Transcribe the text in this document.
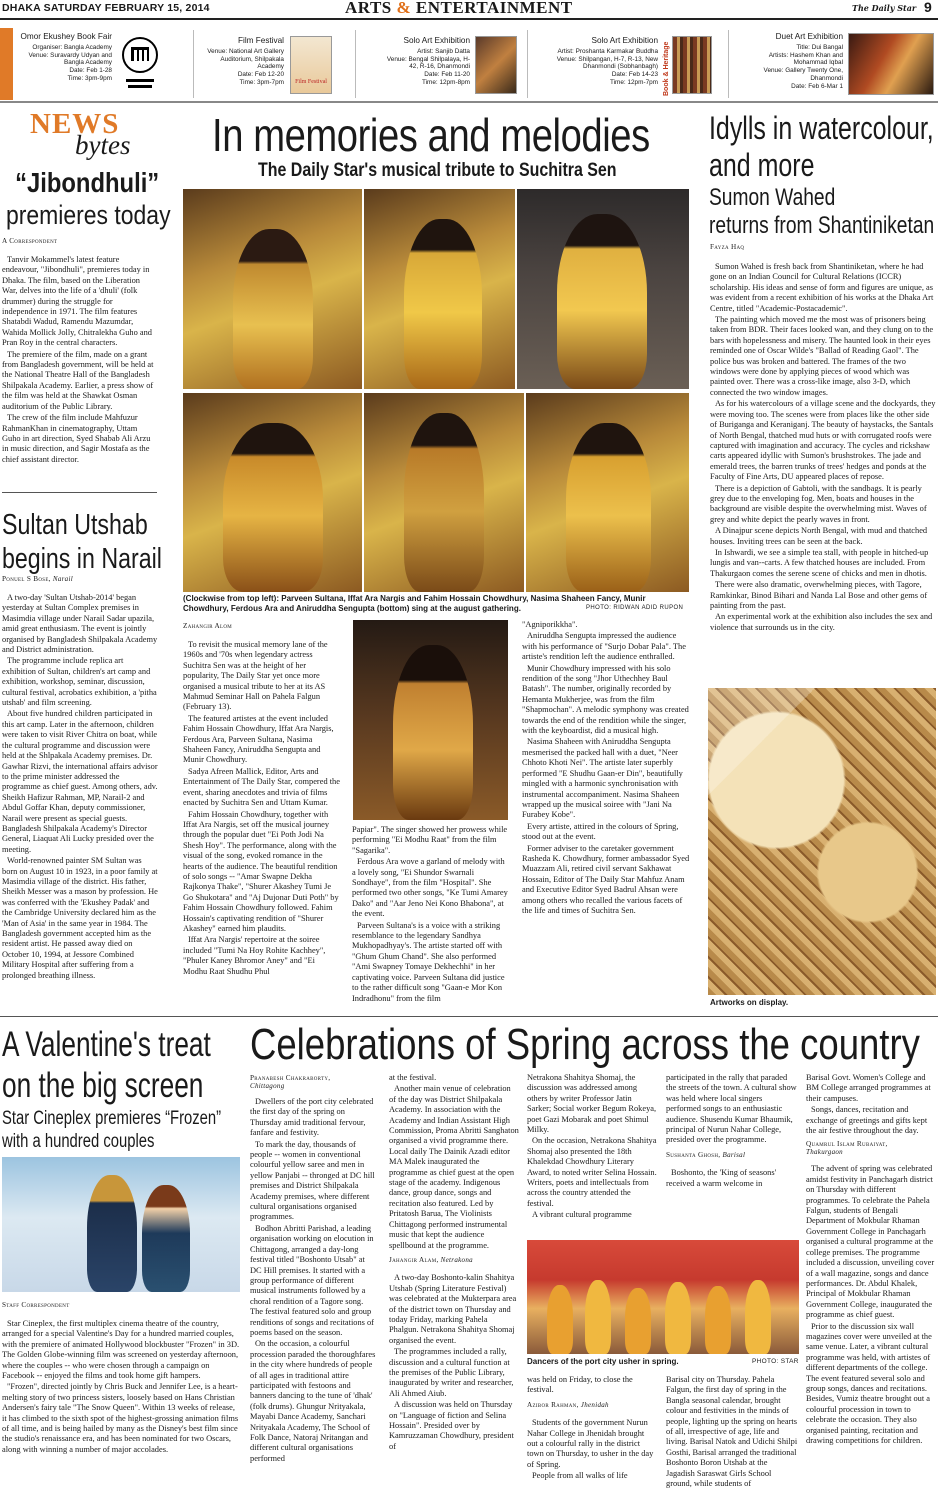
DHAKA SATURDAY FEBRUARY 15, 2014	ARTS & ENTERTAINMENT	The Daily Star 9
WHAT'S ON
Omor Ekushey Book Fair
Organiser: Bangla Academy
Venue: Suravardy Udyan and
Bangla Academy
Date: Feb 1-28
Time: 3pm-9pm
Film Festival
Venue: National Art Gallery
Auditorium, Shilpakala
Academy
Date: Feb 12-20
Time: 3pm-7pm	Film Festival
Solo Art Exhibition
Artist: Sanjib Datta
Venue: Bengal Shilpalaya, H-
42, R-16, Dhanmondi
Date: Feb 11-20
Time: 12pm-8pm
Solo Art Exhibition
Artist: Proshanta Karmakar Buddha
Venue: Shilpangan, H-7, R-13, New
Dhanmondi (Sobhanbagh)
Date: Feb 14-23
Time: 12pm-7pm Book & Heritage
Duet Art Exhibition
Title: Dui Bangal
Artists: Hashem Khan and
Mohammad Iqbal
Venue: Gallery Twenty One,
Dhanmondi
Date: Feb 6-Mar 1
NEWS
bytes
“Jibondhuli”
premieres today
A Correspondent

Tanvir Mokammel's latest feature endeavour, "Jibondhuli", premieres today in Dhaka. The film, based on the Liberation War, delves into the life of a 'dhuli' (folk drummer) during the struggle for independence in 1971. The film features Shatabdi Wadud, Ramendu Mazumdar, Wahida Mollick Jolly, Chitralekha Guho and Pran Roy in the central characters.

The premiere of the film, made on a grant from Bangladesh government, will be held at the National Theatre Hall of the Bangladesh Shilpakala Academy. Earlier, a press show of the film was held at the Shawkat Osman auditorium of the Public Library.

The crew of the film include Mahfuzur RahmanKhan in cinematography, Uttam Guho in art direction, Syed Shabab Ali Arzu in music direction, and Sagir Mostafa as the chief assistant director.

Sultan Utshab
begins in Narail
Ponuel S Bose, Narail

A two-day 'Sultan Utshab-2014' began yesterday at Sultan Complex premises in Masimdia village under Narail Sadar upazila, amid great enthusiasm. The event is jointly organised by Bangladesh Shilpakala Academy and District administration.

The programme include replica art exhibition of Sultan, children's art camp and exhibition, workshop, seminar, discussion, cultural festival, acrobatics exhibition, a 'pitha utshab' and film screening.

About five hundred children participated in this art camp. Later in the afternoon, children were taken to visit River Chitra on boat, while the cultural programme and discussion were held at the Shlpakala Academy premises. Dr. Gawhar Rizvi, the international affairs advisor to the prime minister addressed the programme as chief guest. Among others, adv. Sheikh Hafizur Rahman, MP, Narail-2 and Abdul Goffar Khan, deputy commissioner, Narail were present as special guests. Bangladesh Shilpakala Academy's Director General, Liaquat Ali Lucky presided over the meeting.

World-renowned painter SM Sultan was born on August 10 in 1923, in a poor family at Masimdia village of the district. His father, Sheikh Messer was a mason by profession. He was conferred with the 'Ekushey Padak' and the Cambridge University declared him as the 'Man of Asia' in the same year in 1984. The Bangladesh government accepted him as the resident artist. He passed away died on October 10, 1994, at Jessore Combined Military Hospital after suffering from a prolonged breathing illness.

In memories and melodies
The Daily Star's musical tribute to Suchitra Sen
(Clockwise from top left): Parveen Sultana, Iffat Ara Nargis and Fahim Hossain Chowdhury, Nasima Shaheen Fancy, Munir Chowdhury, Ferdous Ara and Aniruddha Sengupta (bottom) sing at the august gathering.	PHOTO: RIDWAN ADID RUPON
Zahangir Alom

To revisit the musical memory lane of the 1960s and '70s when legendary actress Suchitra Sen was at the height of her popularity, The Daily Star yet once more organised a musical tribute to her at its AS Mahmud Seminar Hall on Pahela Falgun (February 13).

The featured artistes at the event included Fahim Hossain Chowdhury, Iffat Ara Nargis, Ferdous Ara, Parveen Sultana, Nasima Shaheen Fancy, Aniruddha Sengupta and Munir Chowdhury.

Sadya Afreen Mallick, Editor, Arts and Entertainment of The Daily Star, compered the event, sharing anecdotes and trivia of films enacted by Suchitra Sen and Uttam Kumar.

Fahim Hossain Chowdhury, together with Iffat Ara Nargis, set off the musical journey through the popular duet "Ei Poth Jodi Na Shesh Hoy". The performance, along with the visual of the song, evoked romance in the hearts of the audience. The beautiful rendition of solo songs -- "Amar Swapne Dekha Rajkonya Thake", "Shurer Akashey Tumi Je Go Shukotara" and "Aj Dujonar Duti Poth" by Fahim Hossain Chowdhury followed. Fahim Hossain's captivating rendition of "Shurer Akashey" earned him plaudits.

Iffat Ara Nargis' repertoire at the soiree included "Tumi Na Hoy Rohite Kachhey", "Phuler Kaney Bhromor Aney" and "Ei Modhu Raat Shudhu Phul

Papiar". The singer showed her prowess while performing "Ei Modhu Raat" from the film "Sagarika".

Ferdous Ara wove a garland of melody with a lovely song, "Ei Shundor Swarnali Sondhaye", from the film "Hospital". She performed two other songs, "Ke Tumi Amarey Dako" and "Aar Jeno Nei Kono Bhabona", at the event.

Parveen Sultana's is a voice with a striking resemblance to the legendary Sandhya Mukhopadhyay's. The artiste started off with "Ghum Ghum Chand". She also performed "Ami Swapney Tomaye Dekhechhi" in her captivating voice. Parveen Sultana did justice to the rather difficult song "Gaan-e Mor Kon Indradhonu" from the film

"Agniporikkha".

Aniruddha Sengupta impressed the audience with his performance of "Surjo Dobar Pala". The artiste's rendition left the audience enthralled.

Munir Chowdhury impressed with his solo rendition of the song "Jhor Uthechhey Baul Batash". The number, originally recorded by Hemanta Mukherjee, was from the film "Shapmochan". A melodic symphony was created towards the end of the rendition while the singer, with the keyboardist, did a musical high.

Nasima Shaheen with Aniruddha Sengupta mesmerised the packed hall with a duet, "Neer Chhoto Khoti Nei". The artiste later superbly performed "E Shudhu Gaan-er Din", beautifully mingled with a harmonic synchronisation with instrumental accompaniment. Nasima Shaheen wrapped up the musical soiree with "Jani Na Furabey Kobe".

Every artiste, attired in the colours of Spring, stood out at the event.

Former adviser to the caretaker government Rasheda K. Chowdhury, former ambassador Syed Muazzam Ali, retired civil servant Sakhawat Hossain, Editor of The Daily Star Mahfuz Anam and Executive Editor Syed Badrul Ahsan were among others who recalled the various facets of the life and times of Suchitra Sen.

Idylls in watercolour,
and more
Sumon Wahed
returns from Shantiniketan
Fayza Haq

Sumon Wahed is fresh back from Shantiniketan, where he had gone on an Indian Council for Cultural Relations (ICCR) scholarship. His ideas and sense of form and figures are unique, as was evident from a recent exhibition of his works at the Dhaka Art Centre, titled "Academic-Postacademic".

The painting which moved me the most was of prisoners being taken from BDR. Their faces looked wan, and they clung on to the bars with hopelessness and misery. The haunted look in their eyes reminded one of Oscar Wilde's "Ballad of Reading Gaol". The police bus was broken and battered. The frames of the two windows were done by applying pieces of wood which was painted over. There was a cross-like image, also 3-D, which connected the two window images.

As for his watercolours of a village scene and the dockyards, they were moving too. The scenes were from places like the other side of Buriganga and Keraniganj. The beauty of haystacks, the Santals of North Bengal, thatched mud huts or with corrugated roofs were captured with imagination and accuracy. The cycles and rickshaw carts appeared idyllic with Sumon's brushstrokes. The jade and emerald trees, the barren trunks of trees' hedges and ponds at the Faculty of Fine Arts, DU appeared places of repose.

There is a depiction of Gabtoli, with the sandbags. It is pearly grey due to the enveloping fog. Men, boats and houses in the background are visible despite the overwhelming mist. Waves of grey and white depict the pearly waves in front.

A Dinajpur scene depicts North Bengal, with mud and thatched houses. Inviting trees can be seen at the back.

In Ishwardi, we see a simple tea stall, with people in hitched-up lungis and van--carts. A few thatched houses are included. From Thakurgaon comes the serene scene of chicks and men in dhotis.

There were also dramatic, overwhelming pieces, with Tagore, Ramkinkar, Binod Bihari and Nanda Lal Bose and other gems of painting from the past.

An experimental work at the exhibition also includes the sex and violence that surrounds us in the city.

Artworks on display.
A Valentine's treat
on the big screen
Star Cineplex premieres “Frozen”
with a hundred couples
Staff Correspondent

Star Cineplex, the first multiplex cinema theatre of the country, arranged for a special Valentine's Day for a hundred married couples, with the premiere of animated Hollywood blockbuster "Frozen" in 3D. The Golden Globe-winning film was screened on yesterday afternoon, where the couples -- who were chosen through a campaign on Facebook -- enjoyed the films and took home gift hampers.

"Frozen", directed jointly by Chris Buck and Jennifer Lee, is a heart-melting story of two princess sisters, loosely based on Hans Christian Andersen's fairy tale "The Snow Queen". Within 13 weeks of release, it has climbed to the sixth spot of the highest-grossing animation films of all time, and is being hailed by many as the Disney's best film since the studio's renaissance era, and has been nominated for two Oscars, along with winning a number of major accolades.

Celebrations of Spring across the country
Pranabesh Chakraborty,
Chittagong

Dwellers of the port city celebrated the first day of the spring on Thursday amid traditional fervour, fanfare and festivity.

To mark the day, thousands of people -- women in conventional colourful yellow saree and men in yellow Panjabi -- thronged at DC hill premises and District Shilpakala Academy premises, where different cultural organisations organised programmes.

Bodhon Abritti Parishad, a leading organisation working on elocution in Chittagong, arranged a day-long festival titled "Boshonto Utsab" at DC Hill premises. It started with a group performance of different musical instruments followed by a choral rendition of a Tagore song. The festival featured solo and group renditions of songs and recitations of poems based on the season.

On the occasion, a colourful procession paraded the thoroughfares in the city where hundreds of people of all ages in traditional attire participated with festoons and banners dancing to the tune of 'dhak' (folk drums). Ghungur Nrityakala, Mayabi Dance Academy, Sanchari Nrityakala Academy, The School of Folk Dance, Natoraj Nritangan and different cultural organisations performed

at the festival.

Another main venue of celebration of the day was District Shilpakala Academy. In association with the Academy and Indian Assistant High Commission, Proma Abritti Sanghaton organised a vivid programme there. Local daily The Dainik Azadi editor MA Malek inaugurated the programme as chief guest at the open stage of the academy. Indigenous dance, group dance, songs and recitation also featured. Led by Pritatosh Barua, The Violinists Chittagong performed instrumental music that kept the audience spellbound at the programme.

Jahangir Alam, Netrakona

A two-day Boshonto-kalin Shahitya Utshab (Spring Literature Festival) was celebrated at the Mukterpara area of the district town on Thursday and today Friday, marking Pahela Phalgun. Netrakona Shahitya Shomaj organised the event.

The programmes included a rally, discussion and a cultural function at the premises of the Public Library, inaugurated by writer and researcher, Ali Ahmed Aiub.

A discussion was held on Thursday on "Language of fiction and Selina Hossain". Presided over by Kamruzzaman Chowdhury, president of

Netrakona Shahitya Shomaj, the discussion was addressed among others by writer Professor Jatin Sarker; Social worker Begum Rokeya, poet Gazi Mobarak and poet Shimul Milky.

On the occasion, Netrakona Shahitya Shomaj also presented the 18th Khalekdad Chowdhury Literary Award, to noted writer Selina Hossain. Writers, poets and intellectuals from across the country attended the festival.

A vibrant cultural programme

participated in the rally that paraded the streets of the town. A cultural show was held where local singers performed songs to an enthusiastic audience. Shusendu Kumar Bhaumik, principal of Nurun Nahar College, presided over the programme.

Sushanta Ghosh, Barisal

Boshonto, the 'King of seasons' received a warm welcome in

Dancers of the port city usher in spring.	PHOTO: STAR

was held on Friday, to close the festival.

Azibor Rahman, Jhenidah

Students of the government Nurun Nahar College in Jhenidah brought out a colourful rally in the district town on Thursday, to usher in the day of Spring.

People from all walks of life

Barisal city on Thursday. Pahela Falgun, the first day of spring in the Bangla seasonal calendar, brought colour and festivities in the minds of people, lighting up the spring on hearts of all, irrespective of age, life and living. Barisal Natok and Udichi Shilpi Gosthi, Barisal arranged the traditional Boshonto Boron Utshab at the Jagadish Saraswat Girls School ground, while students of

Barisal Govt. Women's College and BM College arranged programmes at their campuses.

Songs, dances, recitation and exchange of greetings and gifts kept the air festive throughout the day.

Quamrul Islam Rubaiyat,
Thakurgaon

The advent of spring was celebrated amidst festivity in Panchagarh district on Thursday with different programmes. To celebrate the Pahela Falgun, students of Bengali Department of Mokbular Rhaman Government College in Panchagarh organised a cultural programme at the college premises. The programme included a discussion, unveiling cover of a wall magazine, songs and dance performances. Dr. Abdul Khalek, Principal of Mokbular Rhaman Government College, inaugurated the programme as chief guest.

Prior to the discussion six wall magazines cover were unveiled at the same venue. Later, a vibrant cultural programme was held, with artistes of different departments of the college. The event featured several solo and group songs, dances and recitations. Besides, Vumiz theatre brought out a colourful procession in town to celebrate the occasion. They also organised painting, recitation and drawing competitions for children.
